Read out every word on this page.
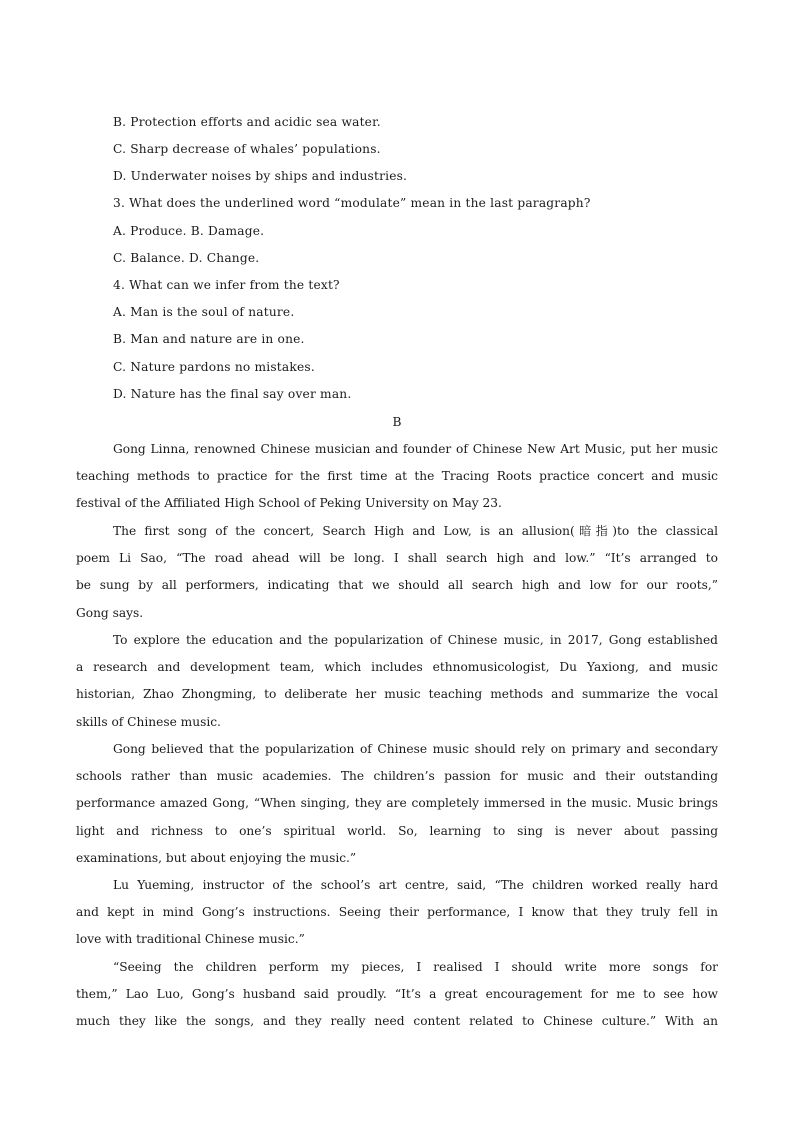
B. Protection efforts and acidic sea water.
C. Sharp decrease of whales’ populations.
D. Underwater noises by ships and industries.
3. What does the underlined word “modulate” mean in the last paragraph?
A. Produce. B. Damage.
C. Balance. D. Change.
4. What can we infer from the text?
A. Man is the soul of nature.
B. Man and nature are in one.
C. Nature pardons no mistakes.
D. Nature has the final say over man.
B
Gong Linna, renowned Chinese musician and founder of Chinese New Art Music, put her music
teaching methods to practice for the first time at the Tracing Roots practice concert and music
festival of the Affiliated High School of Peking University on May 23.
The first song of the concert, Search High and Low, is an allusion(暗指)to the classical
poem Li Sao, “The road ahead will be long. I shall search high and low.” “It’s arranged to
be sung by all performers, indicating that we should all search high and low for our roots,”
Gong says.
To explore the education and the popularization of Chinese music, in 2017, Gong established
a research and development team, which includes ethnomusicologist, Du Yaxiong, and music
historian, Zhao Zhongming, to deliberate her music teaching methods and summarize the vocal
skills of Chinese music.
Gong believed that the popularization of Chinese music should rely on primary and secondary
schools rather than music academies. The children’s passion for music and their outstanding
performance amazed Gong, “When singing, they are completely immersed in the music. Music brings
light and richness to one’s spiritual world. So, learning to sing is never about passing
examinations, but about enjoying the music.”
Lu Yueming, instructor of the school’s art centre, said, “The children worked really hard
and kept in mind Gong’s instructions. Seeing their performance, I know that they truly fell in
love with traditional Chinese music.”
“Seeing the children perform my pieces, I realised I should write more songs for
them,” Lao Luo, Gong’s husband said proudly. “It’s a great encouragement for me to see how
much they like the songs, and they really need content related to Chinese culture.” With an
